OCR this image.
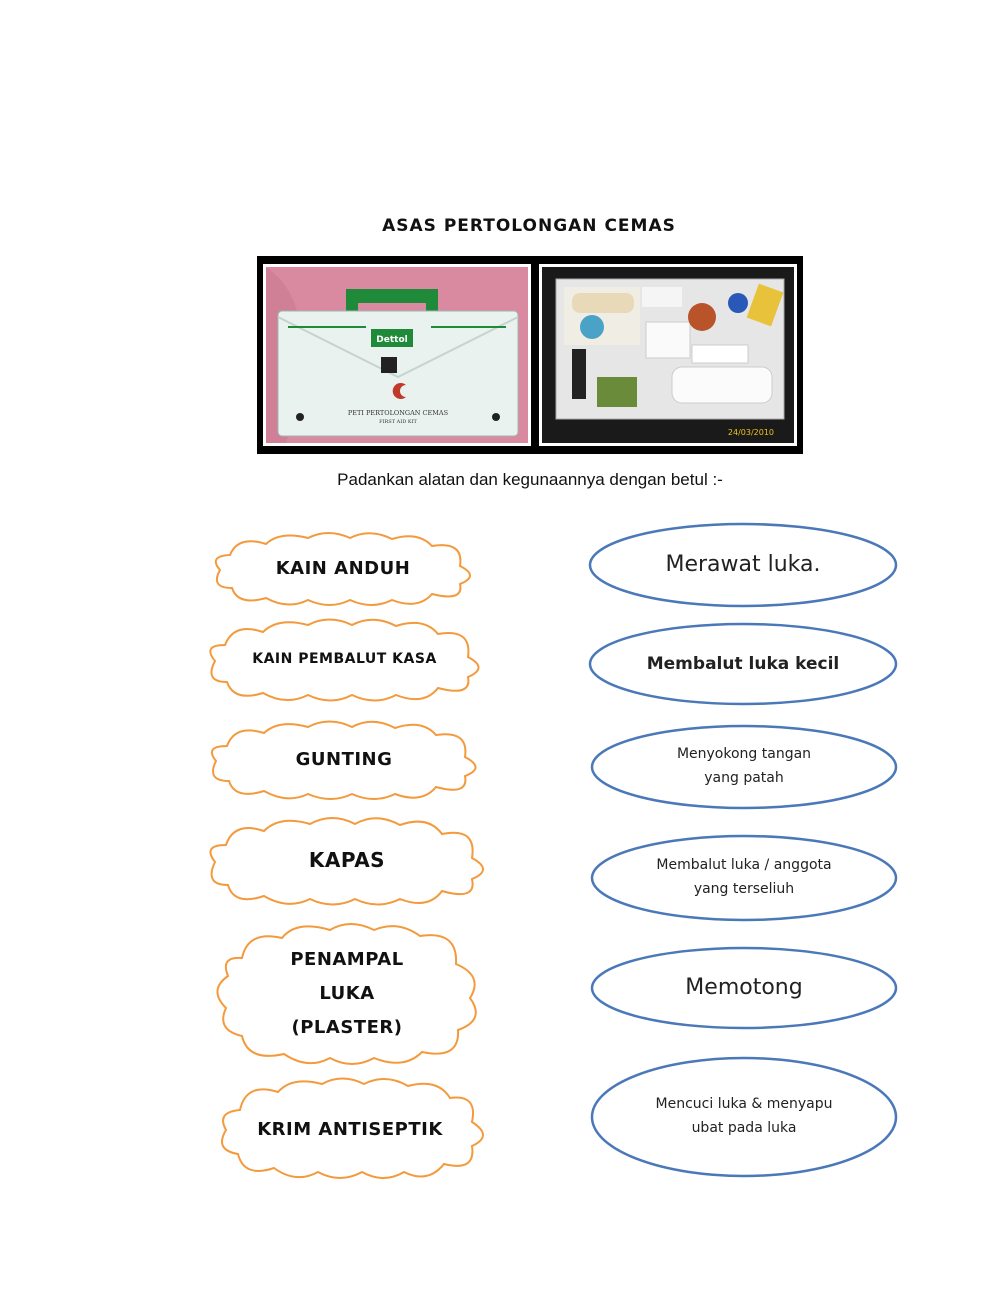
ASAS PERTOLONGAN CEMAS
Dettol
PETI PERTOLONGAN CEMAS
FIRST AID KIT
24/03/2010
Padankan alatan dan kegunaannya dengan betul :-
KAIN ANDUH
KAIN PEMBALUT KASA
GUNTING
KAPAS
PENAMPAL LUKA (PLASTER)
KRIM ANTISEPTIK
Merawat luka.
Membalut luka kecil
Menyokong tangan yang patah
Membalut luka / anggota yang terseliuh
Memotong
Mencuci luka & menyapu ubat pada luka
